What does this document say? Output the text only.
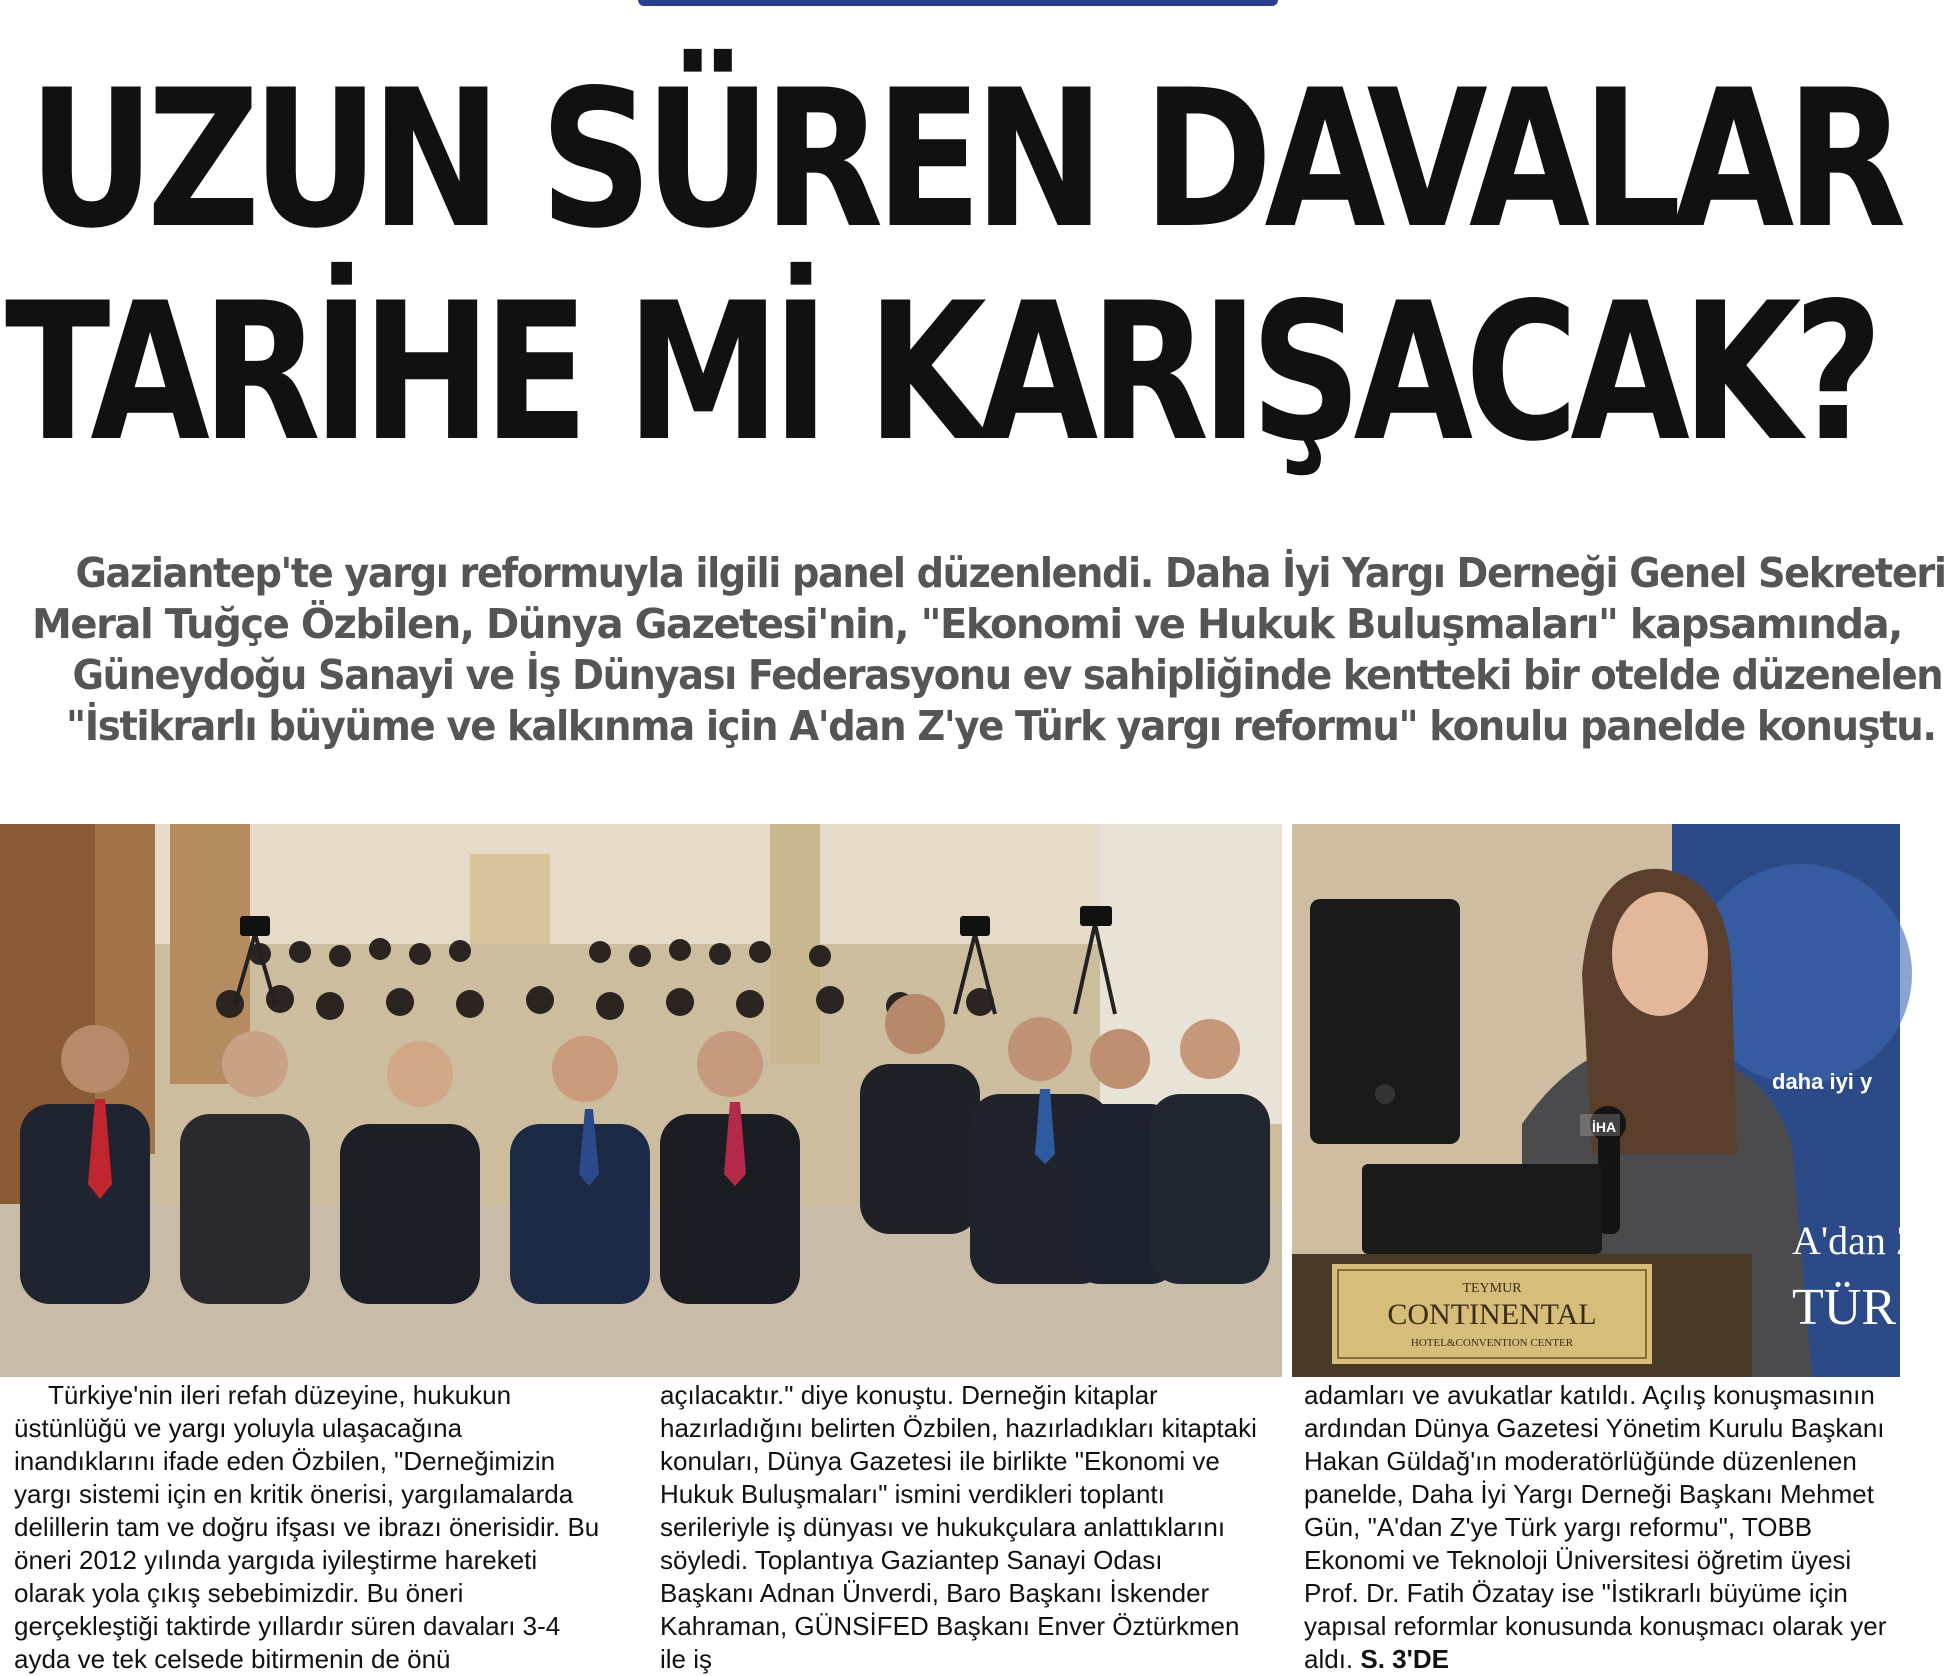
UZUN SÜREN DAVALAR
TARİHE Mİ KARIŞACAK?
Gaziantep'te yargı reformuyla ilgili panel düzenlendi. Daha İyi Yargı Derneği Genel Sekreteri
Meral Tuğçe Özbilen, Dünya Gazetesi'nin, "Ekonomi ve Hukuk Buluşmaları" kapsamında,
Güneydoğu Sanayi ve İş Dünyası Federasyonu ev sahipliğinde kentteki bir otelde düzenelen
"İstikrarlı büyüme ve kalkınma için A'dan Z'ye Türk yargı reformu" konulu panelde konuştu.
İHA
daha iyi y
A'dan Z
TÜR
TEYMUR
CONTINENTAL
HOTEL&CONVENTION CENTER

Türkiye'nin ileri refah düzeyine, hukukun üstünlüğü ve yargı yoluyla ulaşacağına inandıklarını ifade eden Özbilen, "Derneğimizin yargı sistemi için en kritik önerisi, yargılamalarda delillerin tam ve doğru ifşası ve ibrazı önerisidir. Bu öneri 2012 yılında yargıda iyileştirme hareketi olarak yola çıkış sebebimizdir. Bu öneri gerçekleştiği taktirde yıllardır süren davaları 3-4 ayda ve tek celsede bitirmenin de önü

açılacaktır." diye konuştu. Derneğin kitaplar hazırladığını belirten Özbilen, hazırladıkları kitaptaki konuları, Dünya Gazetesi ile birlikte "Ekonomi ve Hukuk Buluşmaları" ismini verdikleri toplantı serileriyle iş dünyası ve hukukçulara anlattıklarını söyledi. Toplantıya Gaziantep Sanayi Odası Başkanı Adnan Ünverdi, Baro Başkanı İskender Kahraman, GÜNSİFED Başkanı Enver Öztürkmen ile iş

adamları ve avukatlar katıldı. Açılış konuşmasının ardından Dünya Gazetesi Yönetim Kurulu Başkanı Hakan Güldağ'ın moderatörlüğünde düzenlenen panelde, Daha İyi Yargı Derneği Başkanı Mehmet Gün, "A'dan Z'ye Türk yargı reformu", TOBB Ekonomi ve Teknoloji Üniversitesi öğretim üyesi Prof. Dr. Fatih Özatay ise "İstikrarlı büyüme için yapısal reformlar konusunda konuşmacı olarak yer aldı. S. 3'DE
